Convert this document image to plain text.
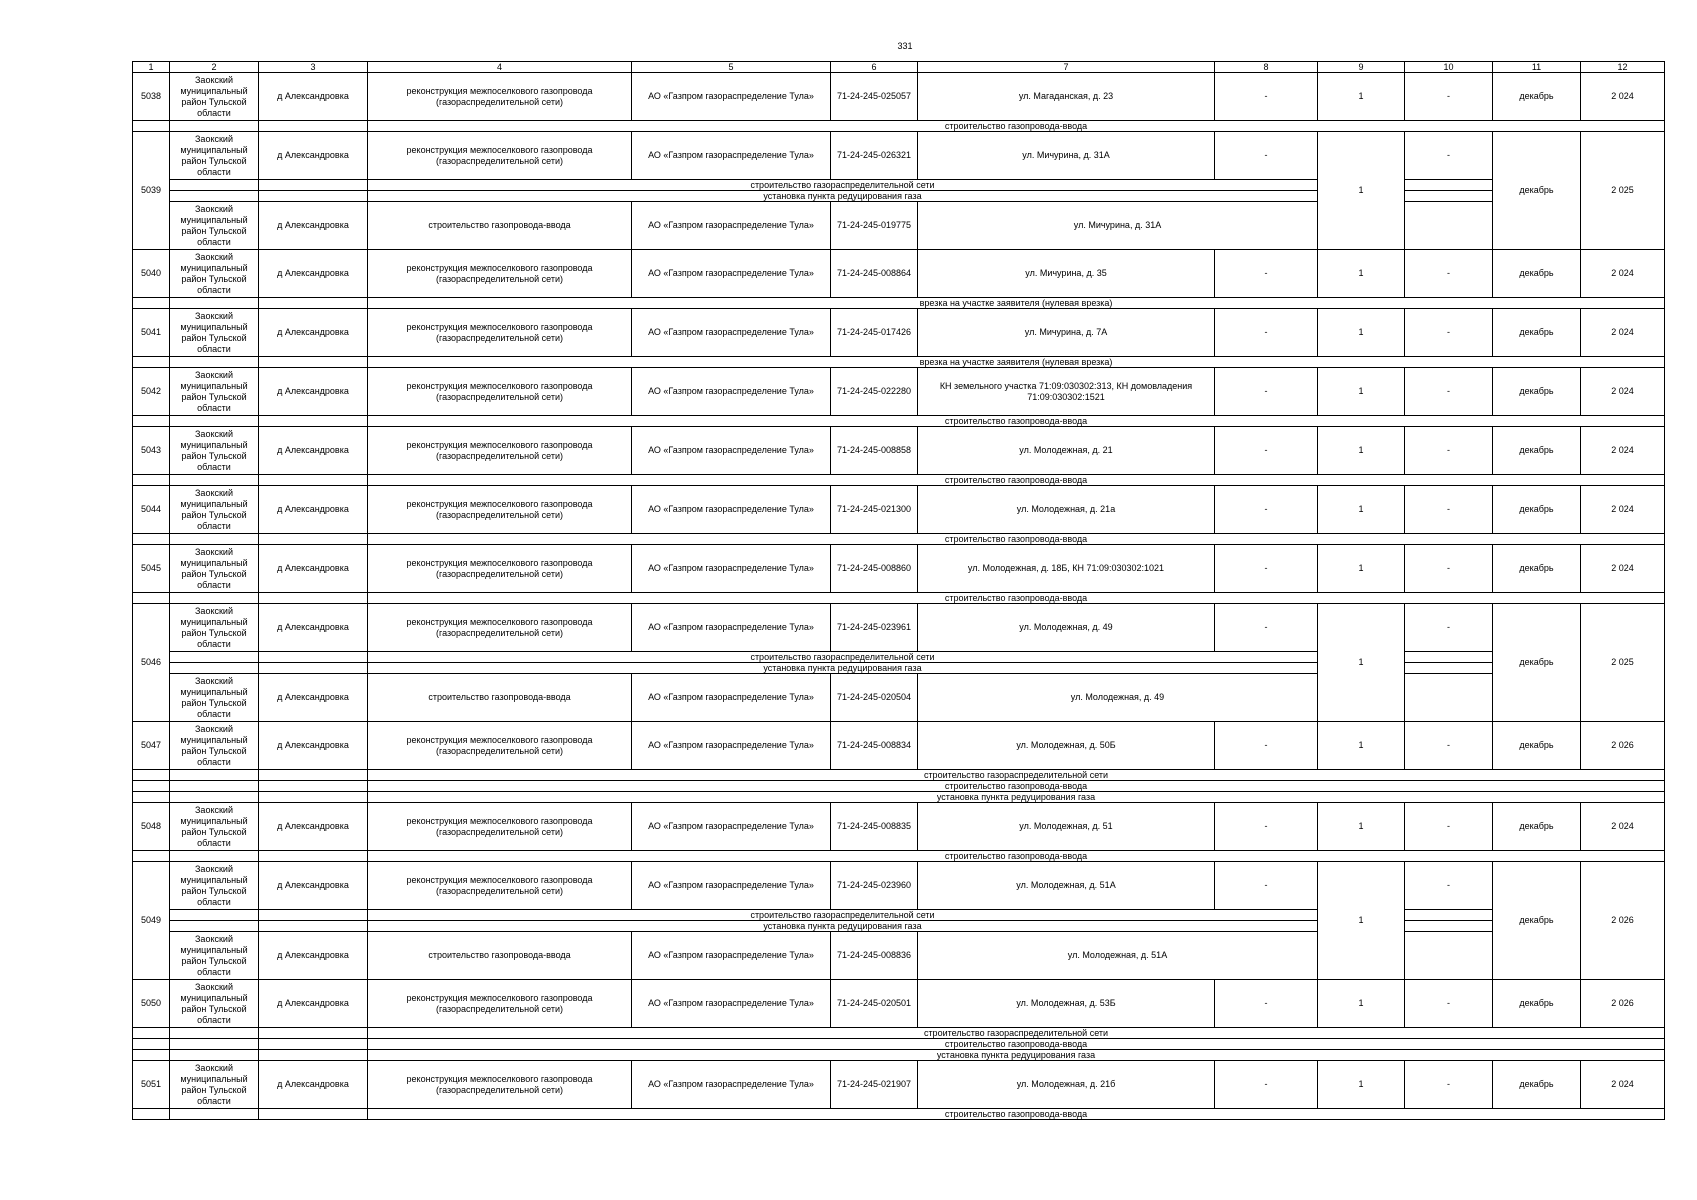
331
1	2	3	4	5	6	7	8	9	10	11	12	
5038	Заокский муниципальный район Тульской области	д Александровка	реконструкция межпоселкового газопровода (газораспределительной сети)	АО «Газпром газораспределение Тула»	71-24-245-025057	ул. Магаданская, д. 23	-	1	-	декабрь	2 024	
			строительство газопровода-ввода									
5039	Заокский муниципальный район Тульской области	д Александровка	реконструкция межпоселкового газопровода (газораспределительной сети)	АО «Газпром газораспределение Тула»	71-24-245-026321	ул. Мичурина, д. 31А	-	1	-	декабрь	2 025	
			строительство газораспределительной сети									
			установка пункта редуцирования газа									
	Заокский муниципальный район Тульской области	д Александровка	строительство газопровода-ввода	АО «Газпром газораспределение Тула»	71-24-245-019775	ул. Мичурина, д. 31А						
5040	Заокский муниципальный район Тульской области	д Александровка	реконструкция межпоселкового газопровода (газораспределительной сети)	АО «Газпром газораспределение Тула»	71-24-245-008864	ул. Мичурина, д. 35	-	1	-	декабрь	2 024	
			врезка на участке заявителя (нулевая врезка)									
5041	Заокский муниципальный район Тульской области	д Александровка	реконструкция межпоселкового газопровода (газораспределительной сети)	АО «Газпром газораспределение Тула»	71-24-245-017426	ул. Мичурина, д. 7А	-	1	-	декабрь	2 024	
			врезка на участке заявителя (нулевая врезка)									
5042	Заокский муниципальный район Тульской области	д Александровка	реконструкция межпоселкового газопровода (газораспределительной сети)	АО «Газпром газораспределение Тула»	71-24-245-022280	КН земельного участка 71:09:030302:313, КН домовладения 71:09:030302:1521	-	1	-	декабрь	2 024	
			строительство газопровода-ввода									
5043	Заокский муниципальный район Тульской области	д Александровка	реконструкция межпоселкового газопровода (газораспределительной сети)	АО «Газпром газораспределение Тула»	71-24-245-008858	ул. Молодежная, д. 21	-	1	-	декабрь	2 024	
			строительство газопровода-ввода									
5044	Заокский муниципальный район Тульской области	д Александровка	реконструкция межпоселкового газопровода (газораспределительной сети)	АО «Газпром газораспределение Тула»	71-24-245-021300	ул. Молодежная, д. 21а	-	1	-	декабрь	2 024	
			строительство газопровода-ввода									
5045	Заокский муниципальный район Тульской области	д Александровка	реконструкция межпоселкового газопровода (газораспределительной сети)	АО «Газпром газораспределение Тула»	71-24-245-008860	ул. Молодежная, д. 18Б, КН 71:09:030302:1021	-	1	-	декабрь	2 024	
			строительство газопровода-ввода									
5046	Заокский муниципальный район Тульской области	д Александровка	реконструкция межпоселкового газопровода (газораспределительной сети)	АО «Газпром газораспределение Тула»	71-24-245-023961	ул. Молодежная, д. 49	-	1	-	декабрь	2 025	
			строительство газораспределительной сети									
			установка пункта редуцирования газа									
	Заокский муниципальный район Тульской области	д Александровка	строительство газопровода-ввода	АО «Газпром газораспределение Тула»	71-24-245-020504	ул. Молодежная, д. 49						
5047	Заокский муниципальный район Тульской области	д Александровка	реконструкция межпоселкового газопровода (газораспределительной сети)	АО «Газпром газораспределение Тула»	71-24-245-008834	ул. Молодежная, д. 50Б	-	1	-	декабрь	2 026	
			строительство газораспределительной сети									
			строительство газопровода-ввода									
			установка пункта редуцирования газа									
5048	Заокский муниципальный район Тульской области	д Александровка	реконструкция межпоселкового газопровода (газораспределительной сети)	АО «Газпром газораспределение Тула»	71-24-245-008835	ул. Молодежная, д. 51	-	1	-	декабрь	2 024	
			строительство газопровода-ввода									
5049	Заокский муниципальный район Тульской области	д Александровка	реконструкция межпоселкового газопровода (газораспределительной сети)	АО «Газпром газораспределение Тула»	71-24-245-023960	ул. Молодежная, д. 51А	-	1	-	декабрь	2 026	
			строительство газораспределительной сети									
			установка пункта редуцирования газа									
	Заокский муниципальный район Тульской области	д Александровка	строительство газопровода-ввода	АО «Газпром газораспределение Тула»	71-24-245-008836	ул. Молодежная, д. 51А						
5050	Заокский муниципальный район Тульской области	д Александровка	реконструкция межпоселкового газопровода (газораспределительной сети)	АО «Газпром газораспределение Тула»	71-24-245-020501	ул. Молодежная, д. 53Б	-	1	-	декабрь	2 026	
			строительство газораспределительной сети									
			строительство газопровода-ввода									
			установка пункта редуцирования газа									
5051	Заокский муниципальный район Тульской области	д Александровка	реконструкция межпоселкового газопровода (газораспределительной сети)	АО «Газпром газораспределение Тула»	71-24-245-021907	ул. Молодежная, д. 21б	-	1	-	декабрь	2 024	
			строительство газопровода-ввода									
